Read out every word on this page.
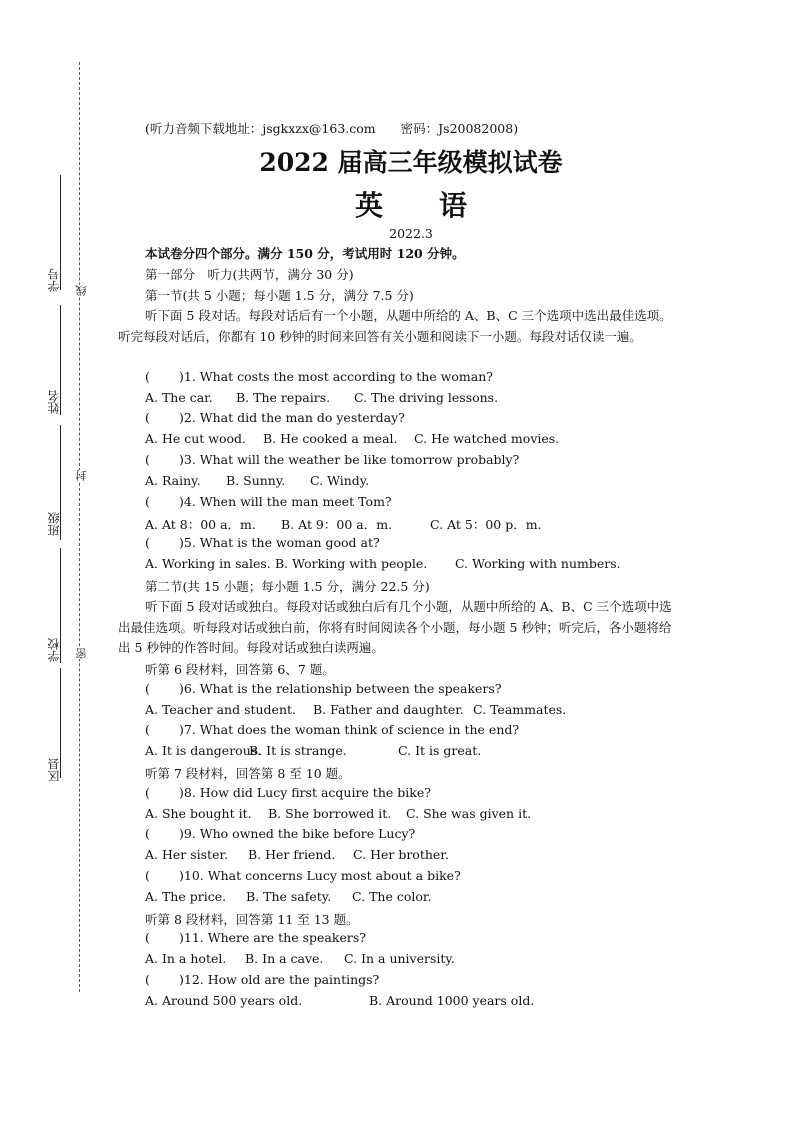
学号
姓名
班级
学校
区县
线
封
密
(听力音频下载地址：jsgkxzx@163.com　　密码：Js20082008)
2022 届高三年级模拟试卷
英　　语
2022.3
本试卷分四个部分。满分 150 分，考试用时 120 分钟。
第一部分　听力(共两节，满分 30 分)
第一节(共 5 小题；每小题 1.5 分，满分 7.5 分)
听下面 5 段对话。每段对话后有一个小题，从题中所给的 A、B、C 三个选项中选出最佳选项。听完每段对话后，你都有 10 秒钟的时间来回答有关小题和阅读下一小题。每段对话仅读一遍。
( )1. What costs the most according to the woman?
A. The car. B. The repairs. C. The driving lessons.
( )2. What did the man do yesterday?
A. He cut wood. B. He cooked a meal. C. He watched movies.
( )3. What will the weather be like tomorrow probably?
A. Rainy. B. Sunny. C. Windy.
( )4. When will the man meet Tom?
A. At 8：00 a．m. B. At 9：00 a．m.	C. At 5：00 p．m.
( )5. What is the woman good at?
A. Working in sales. B. Working with people. C. Working with numbers.
第二节(共 15 小题；每小题 1.5 分，满分 22.5 分)
听下面 5 段对话或独白。每段对话或独白后有几个小题，从题中所给的 A、B、C 三个选项中选出最佳选项。听每段对话或独白前，你将有时间阅读各个小题，每小题 5 秒钟；听完后，各小题将给出 5 秒钟的作答时间。每段对话或独白读两遍。
听第 6 段材料，回答第 6、7 题。
( )6. What is the relationship between the speakers?
A. Teacher and student. B. Father and daughter. C. Teammates.
( )7. What does the woman think of science in the end?
A. It is dangerous.B. It is strange.	C. It is great.
听第 7 段材料，回答第 8 至 10 题。
( )8. How did Lucy first acquire the bike?
A. She bought it. B. She borrowed it. C. She was given it.
( )9. Who owned the bike before Lucy?
A. Her sister. B. Her friend. C. Her brother.
( )10. What concerns Lucy most about a bike?
A. The price. B. The safety. C. The color.
听第 8 段材料，回答第 11 至 13 题。
( )11. Where are the speakers?
A. In a hotel. B. In a cave. C. In a university.
( )12. How old are the paintings?
A. Around 500 years old.	B. Around 1000 years old.
